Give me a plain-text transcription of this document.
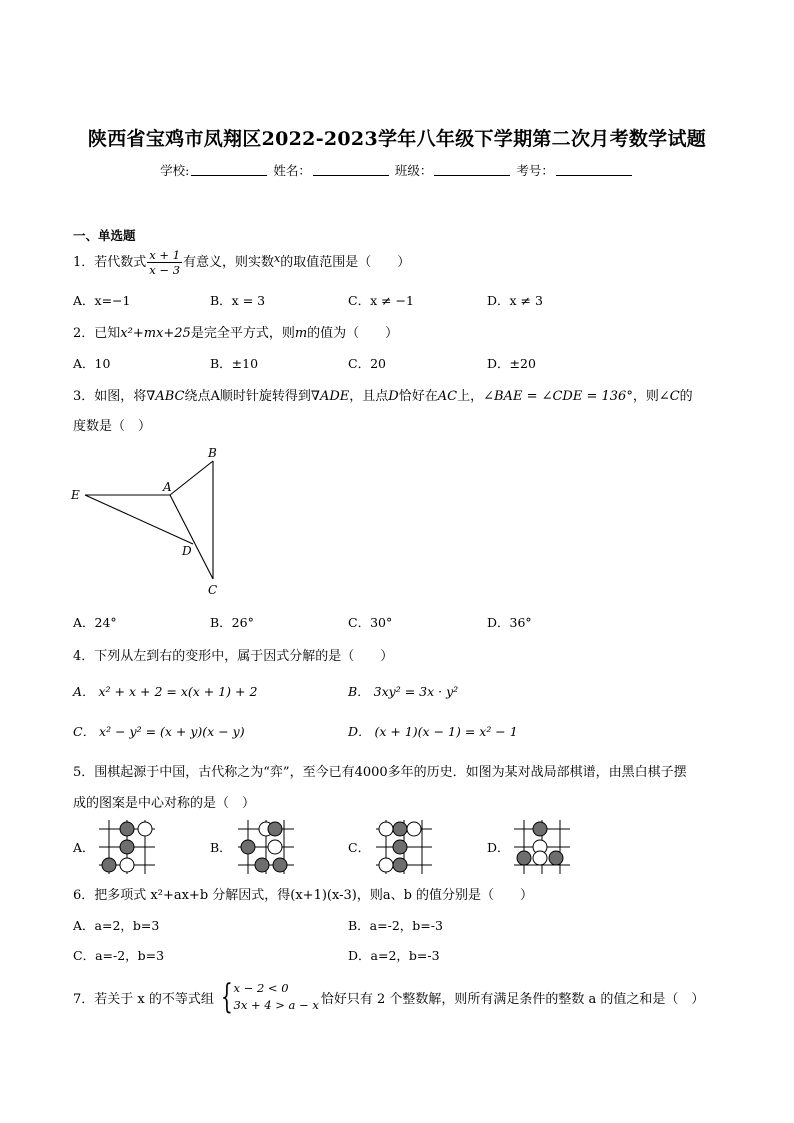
陕西省宝鸡市凤翔区2022-2023学年八年级下学期第二次月考数学试题
学校:	姓名：	班级：	考号：
一、单选题
1．若代数式 $\frac{x + 1}{x - 3}$ 有意义，则实数$^x$的取值范围是（　　）
A．x=−1	B．x = 3	C．x ≠ −1	D．x ≠ 3
2．已知x²+mx+25是完全平方式，则m的值为（　　）
A．10	B．±10	C．20	D．±20
3．如图，将∇ABC绕点A顺时针旋转得到∇ADE，且点D恰好在AC上，∠BAE = ∠CDE = 136°，则∠C的
度数是（　）
B
A
E
D
C
A．24°	B．26°	C．30°	D．36°
4．下列从左到右的变形中，属于因式分解的是（　　）
A． x² + x + 2 = x(x + 1) + 2	B． 3xy² = 3x · y²
C． x² − y² = (x + y)(x − y)	D． (x + 1)(x − 1) = x² − 1
5．围棋起源于中国，古代称之为“弈”，至今已有4000多年的历史．如图为某对战局部棋谱，由黑白棋子摆
成的图案是中心对称的是（　）
A．	B．	C．	D．
6．把多项式 x²+ax+b 分解因式，得(x+1)(x-3)，则a、b 的值分别是（　　）
A．a=2，b=3	B．a=-2，b=-3
C．a=-2，b=3	D．a=2，b=-3
7．若关于 x 的不等式组 { x − 2 < 0
3x + 4 > a − x 恰好只有 2 个整数解，则所有满足条件的整数 a 的值之和是（　）
